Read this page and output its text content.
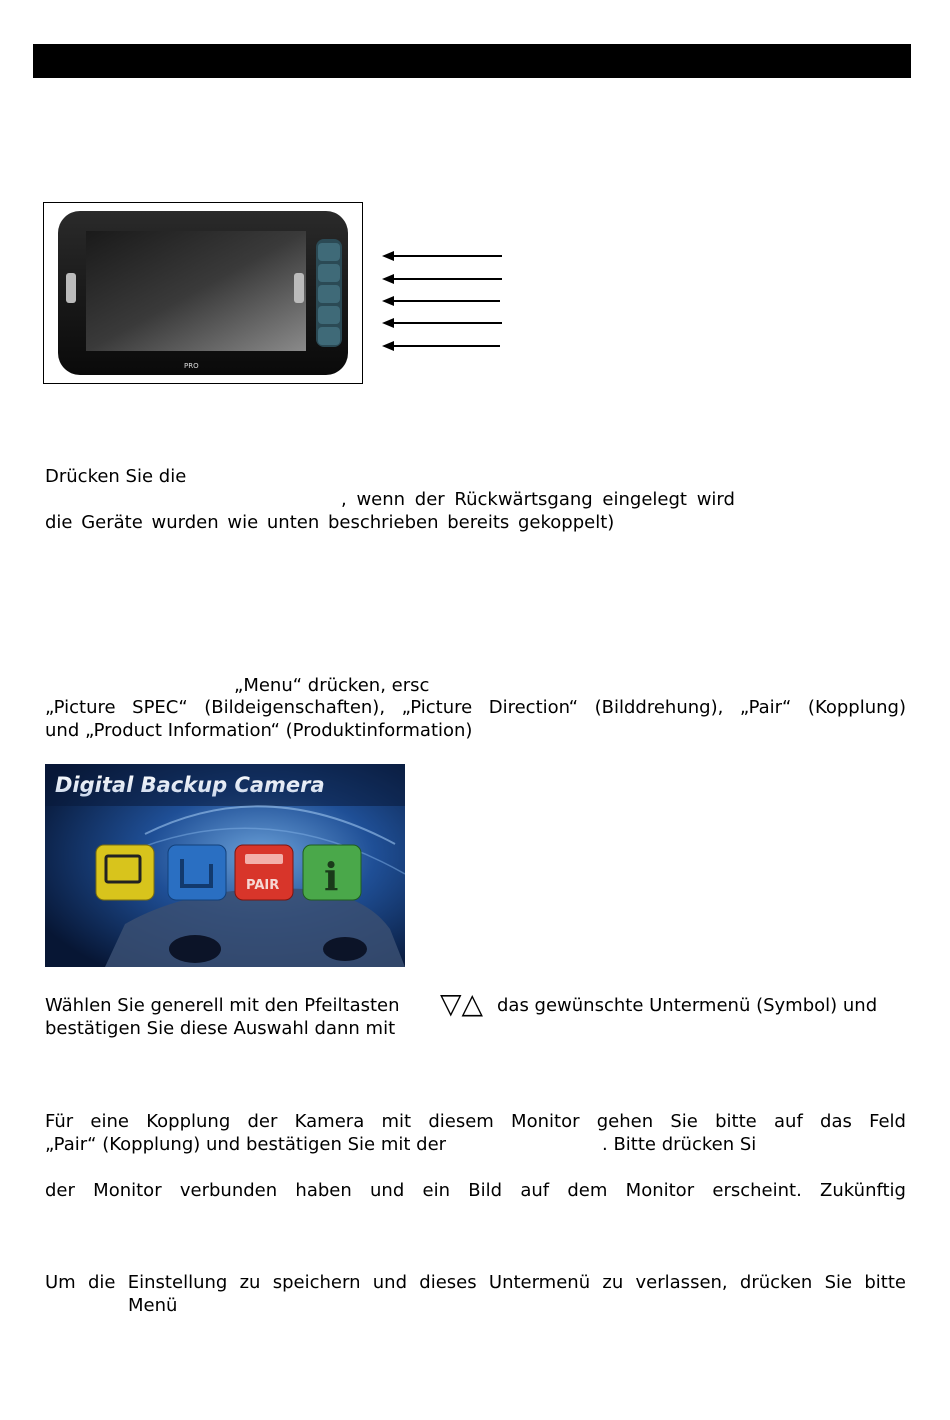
PRO
Drücken Sie die
, wenn der Rückwärtsgang eingelegt wird
die Geräte wurden wie unten beschrieben bereits gekoppelt)
„Menu“ drücken, ersc
„Picture SPEC“ (Bildeigenschaften), „Picture Direction“ (Bilddrehung), „Pair“ (Kopplung)
und „Product Information“ (Produktinformation)
Digital Backup Camera
PAIR i
Wählen Sie generell mit den Pfeiltasten ▽△ das gewünschte Untermenü (Symbol) und
bestätigen Sie diese Auswahl dann mit
Für eine Kopplung der Kamera mit diesem Monitor gehen Sie bitte auf das Feld
„Pair“ (Kopplung) und bestätigen Sie mit der	. Bitte drücken Si
der Monitor verbunden haben und ein Bild auf dem Monitor erscheint. Zukünftig
Um die Einstellung zu speichern und dieses Untermenü zu verlassen, drücken Sie bitte
Menü
